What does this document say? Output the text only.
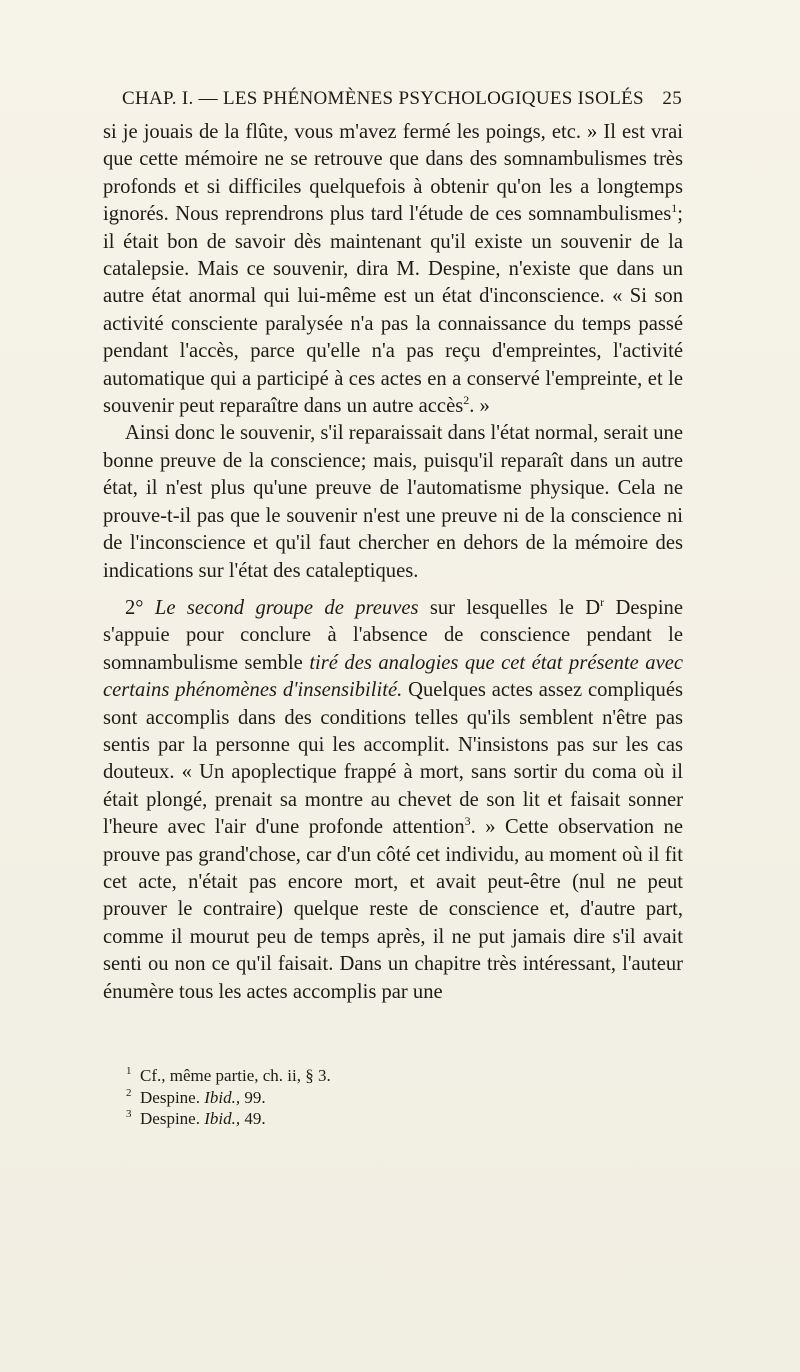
CHAP. I. — LES PHÉNOMÈNES PSYCHOLOGIQUES ISOLÉS 25

si je jouais de la flûte, vous m'avez fermé les poings, etc. » Il est vrai que cette mémoire ne se retrouve que dans des somnambulismes très profonds et si difficiles quelquefois à obtenir qu'on les a longtemps ignorés. Nous reprendrons plus tard l'étude de ces somnambulismes$^1$; il était bon de savoir dès maintenant qu'il existe un souvenir de la catalepsie. Mais ce souvenir, dira M. Despine, n'existe que dans un autre état anormal qui lui-même est un état d'inconscience. « Si son activité consciente paralysée n'a pas la connaissance du temps passé pendant l'accès, parce qu'elle n'a pas reçu d'empreintes, l'activité automatique qui a participé à ces actes en a conservé l'empreinte, et le souvenir peut reparaître dans un autre accès$^2$. »

Ainsi donc le souvenir, s'il reparaissait dans l'état normal, serait une bonne preuve de la conscience; mais, puisqu'il reparaît dans un autre état, il n'est plus qu'une preuve de l'automatisme physique. Cela ne prouve-t-il pas que le souvenir n'est une preuve ni de la conscience ni de l'inconscience et qu'il faut chercher en dehors de la mémoire des indications sur l'état des cataleptiques.

2° Le second groupe de preuves sur lesquelles le $D^r$ Despine s'appuie pour conclure à l'absence de conscience pendant le somnambulisme semble tiré des analogies que cet état présente avec certains phénomènes d'insensibilité. Quelques actes assez compliqués sont accomplis dans des conditions telles qu'ils semblent n'être pas sentis par la personne qui les accomplit. N'insistons pas sur les cas douteux. « Un apoplectique frappé à mort, sans sortir du coma où il était plongé, prenait sa montre au chevet de son lit et faisait sonner l'heure avec l'air d'une profonde attention$^3$. » Cette observation ne prouve pas grand'chose, car d'un côté cet individu, au moment où il fit cet acte, n'était pas encore mort, et avait peut-être (nul ne peut prouver le contraire) quelque reste de conscience et, d'autre part, comme il mourut peu de temps après, il ne put jamais dire s'il avait senti ou non ce qu'il faisait. Dans un chapitre très intéressant, l'auteur énumère tous les actes accomplis par une

1 Cf., même partie, ch. ii, § 3.

2 Despine. Ibid., 99.

3 Despine. Ibid., 49.
